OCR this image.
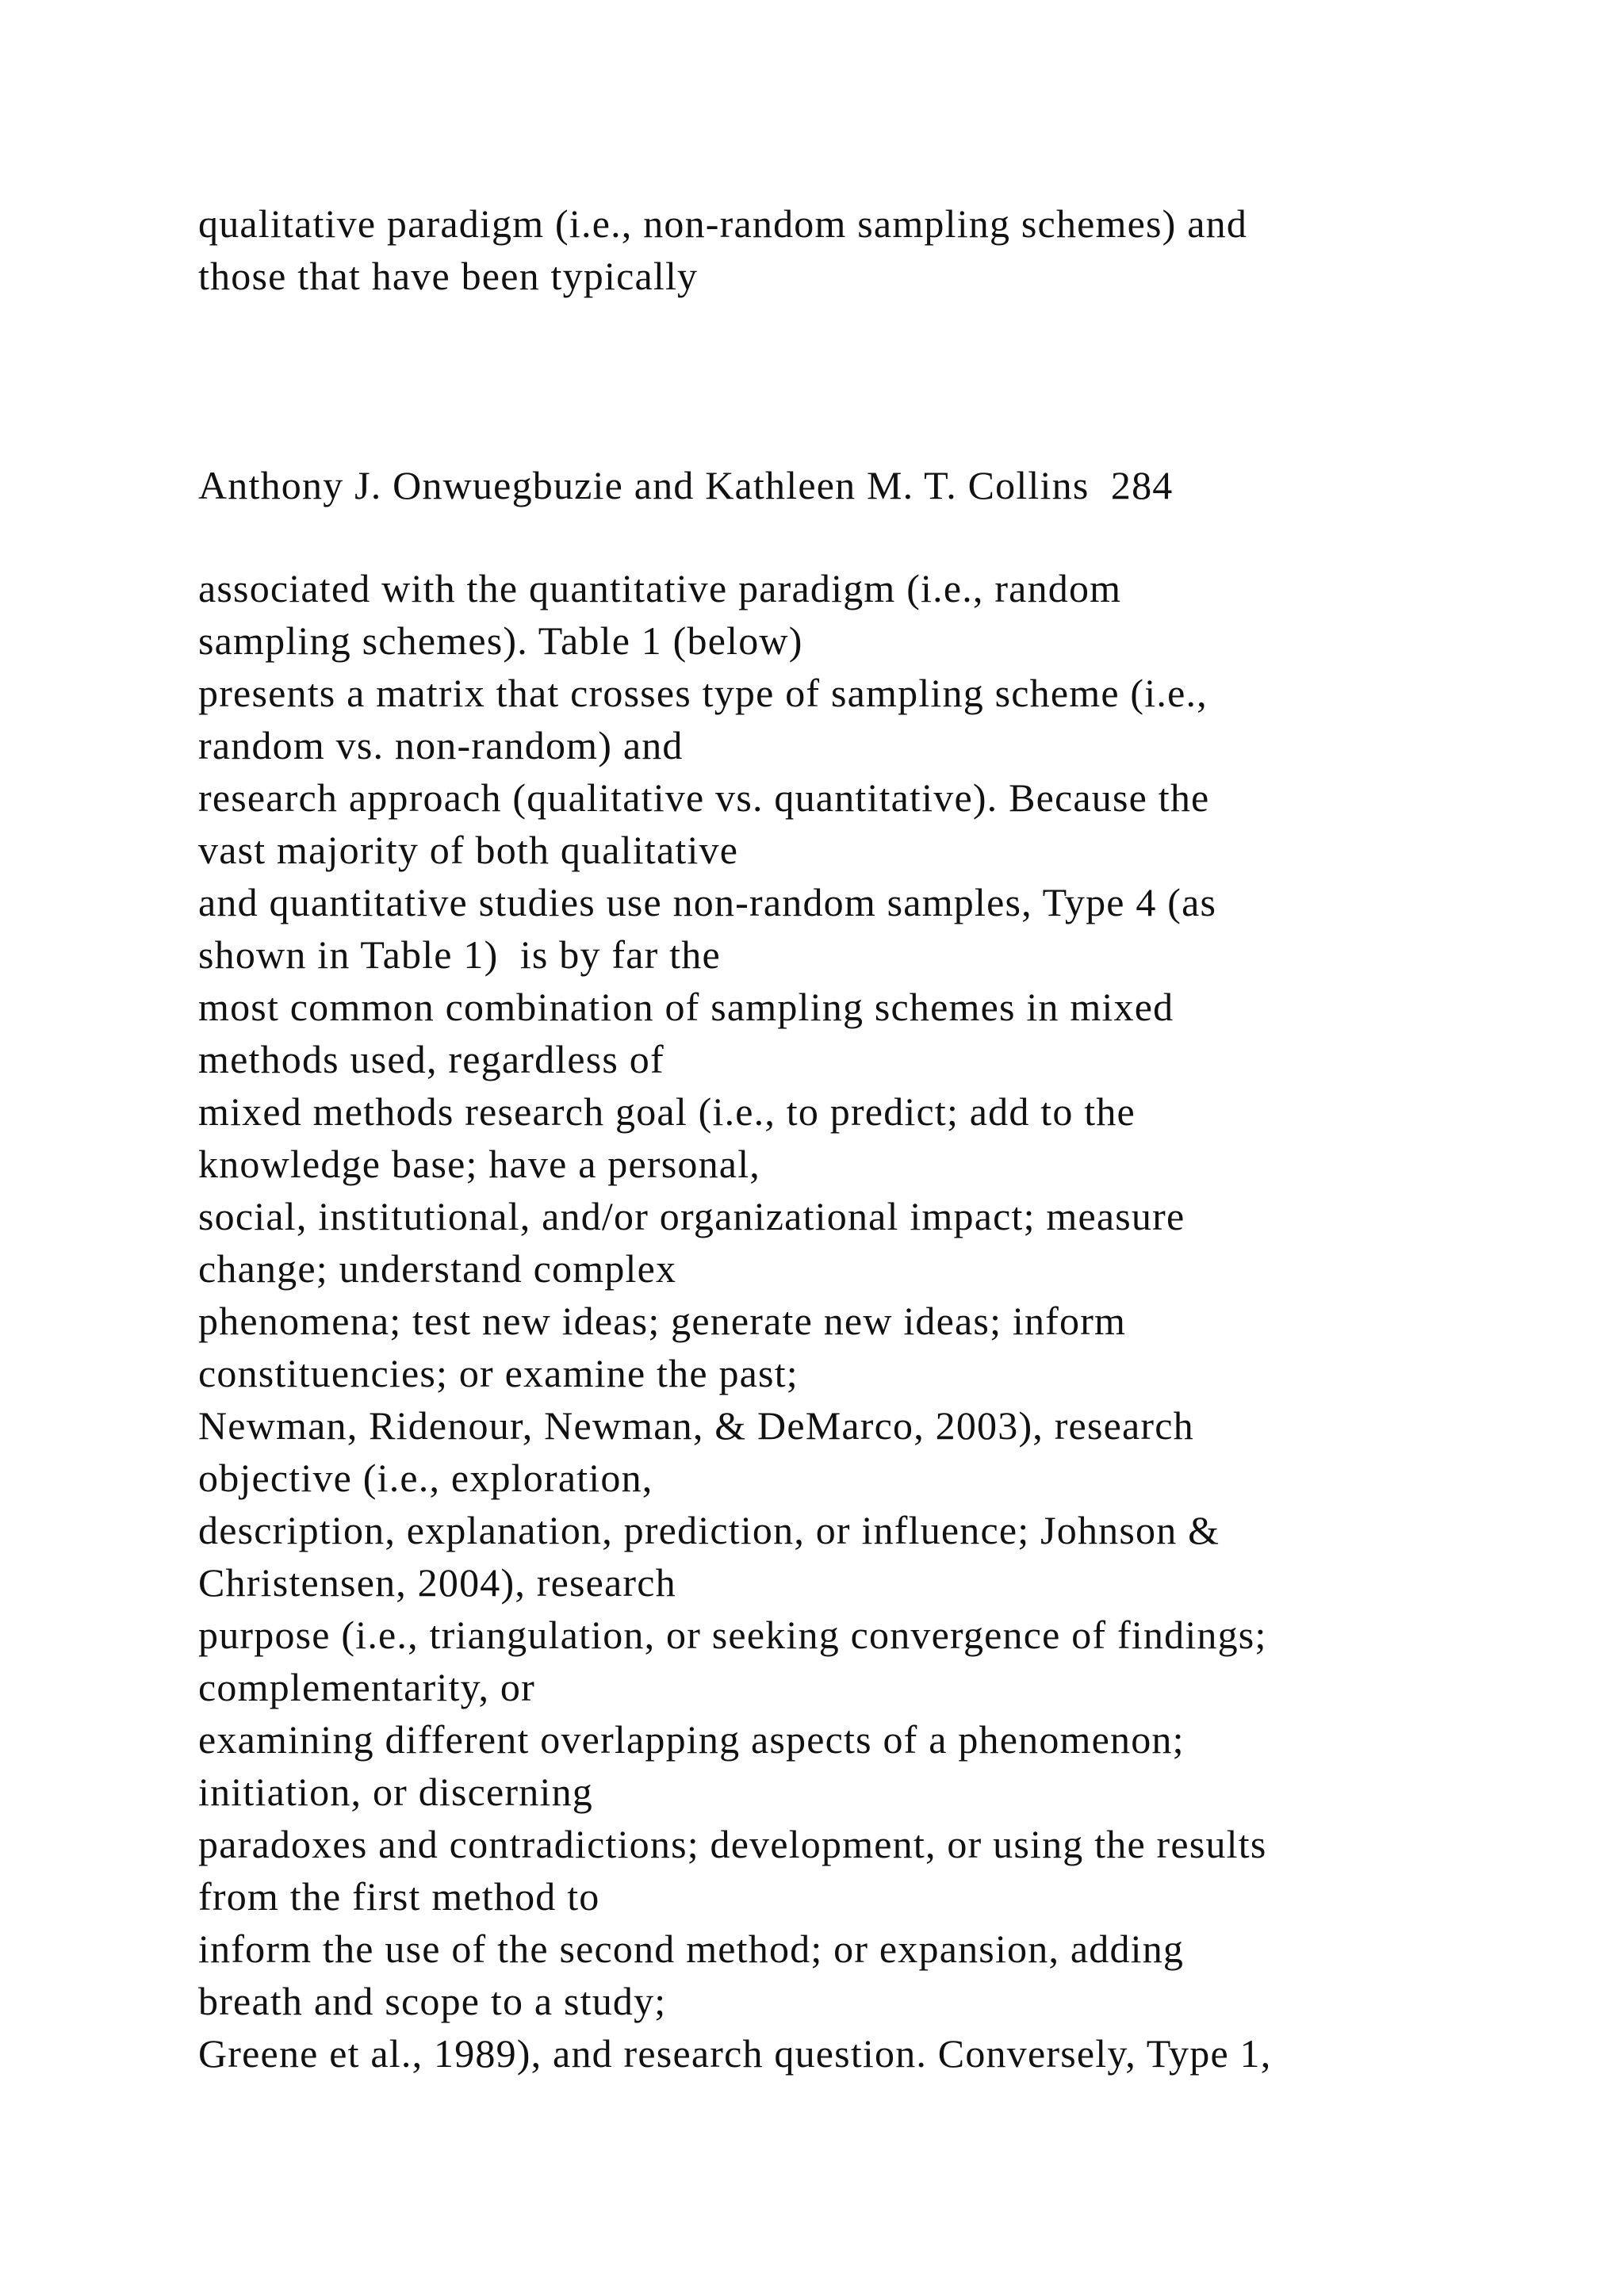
qualitative paradigm (i.e., non-random sampling schemes) and
those that have been typically
Anthony J. Onwuegbuzie and Kathleen M. T. Collins  284
associated with the quantitative paradigm (i.e., random
sampling schemes). Table 1 (below)
presents a matrix that crosses type of sampling scheme (i.e.,
random vs. non-random) and
research approach (qualitative vs. quantitative). Because the
vast majority of both qualitative
and quantitative studies use non-random samples, Type 4 (as
shown in Table 1)  is by far the
most common combination of sampling schemes in mixed
methods used, regardless of
mixed methods research goal (i.e., to predict; add to the
knowledge base; have a personal,
social, institutional, and/or organizational impact; measure
change; understand complex
phenomena; test new ideas; generate new ideas; inform
constituencies; or examine the past;
Newman, Ridenour, Newman, & DeMarco, 2003), research
objective (i.e., exploration,
description, explanation, prediction, or influence; Johnson &
Christensen, 2004), research
purpose (i.e., triangulation, or seeking convergence of findings;
complementarity, or
examining different overlapping aspects of a phenomenon;
initiation, or discerning
paradoxes and contradictions; development, or using the results
from the first method to
inform the use of the second method; or expansion, adding
breath and scope to a study;
Greene et al., 1989), and research question. Conversely, Type 1,
